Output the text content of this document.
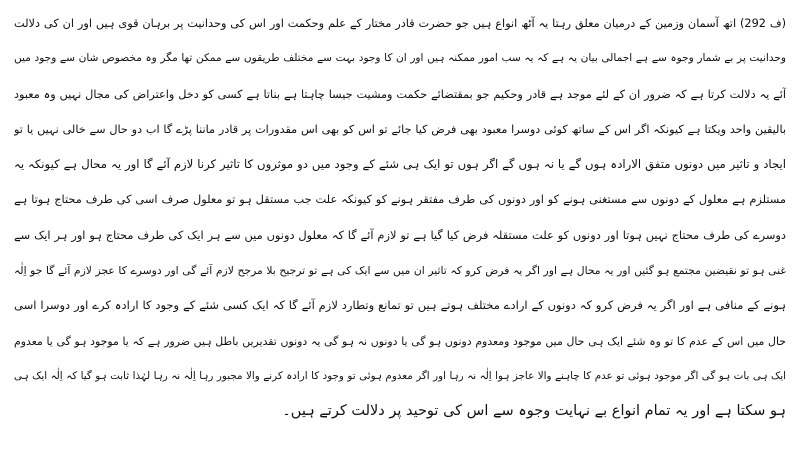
(ف 292) اتھ آسمان وزمین کے درمیان معلق رہتا یہ آٹھ انواع ہیں جو حضرت قادر مختار کے علم وحکمت اور اس کی وحدانیت پر برہان قوی ہیں اور ان کی دلالت
وحدانیت پر بے شمار وجوہ سے ہے اجمالی بیان یہ ہے کہ یہ سب امور ممکنہ ہیں اور ان کا وجود بہت سے مختلف طریقوں سے ممکن تھا مگر وہ مخصوص شان سے وجود میں
آئے یہ دلالت کرتا ہے کہ ضرور ان کے لئے موجد ہے قادر وحکیم جو بمقتضائے حکمت ومشیت جیسا چاہتا ہے بناتا ہے کسی کو دخل واعتراض کی مجال نہیں وہ معبود
بالیقین واحد ویکتا ہے کیونکہ اگر اس کے ساتھ کوئی دوسرا معبود بھی فرض کیا جائے تو اس کو بھی اس مقدورات پر قادر ماننا پڑے گا اب دو حال سے خالی نہیں یا تو
ایجاد و تاثیر میں دونوں متفق الارادہ ہوں گے یا نہ ہوں گے اگر ہوں تو ایک ہی شئے کے وجود میں دو موثروں کا تاثیر کرنا لازم آئے گا اور یہ محال ہے کیونکہ یہ
مستلزم ہے معلول کے دونوں سے مستغنی ہونے کو اور دونوں کی طرف مفتقر ہونے کو کیونکہ علت جب مستقل ہو تو معلول صرف اسی کی طرف محتاج ہوتا ہے
دوسرے کی طرف محتاج نہیں ہوتا اور دونوں کو علت مستقلہ فرض کیا گیا ہے تو لازم آئے گا کہ معلول دونوں میں سے ہر ایک کی طرف محتاج ہو اور ہر ایک سے
غنی ہو تو نقیضین مجتمع ہو گئیں اور یہ محال ہے اور اگر یہ فرض کرو کہ تاثیر ان میں سے ایک کی ہے تو ترجیح بلا مرجح لازم آئے گی اور دوسرے کا عجز لازم آئے گا جو اِلٰہ
ہونے کے منافی ہے اور اگر یہ فرض کرو کہ دونوں کے ارادے مختلف ہوتے ہیں تو تمانع وتطارد لازم آئے گا کہ ایک کسی شئے کے وجود کا ارادہ کرے اور دوسرا اسی
حال میں اس کے عدم کا تو وہ شئے ایک ہی حال میں موجود ومعدوم دونوں ہو گی یا دونوں نہ ہو گی یہ دونوں تقدیریں باطل ہیں ضرور ہے کہ یا موجود ہو گی یا معدوم
ایک ہی بات ہو گی اگر موجود ہوئی تو عدم کا چاہنے والا عاجز ہوا اِلٰہ نہ رہا اور اگر معدوم ہوئی تو وجود کا ارادہ کرنے والا مجبور رہا اِلٰہ نہ رہا لہٰذا ثابت ہو گیا کہ اِلٰہ ایک ہی
ہو سکتا ہے اور یہ تمام انواع بے نہایت وجوہ سے اس کی توحید پر دلالت کرتے ہیں۔
